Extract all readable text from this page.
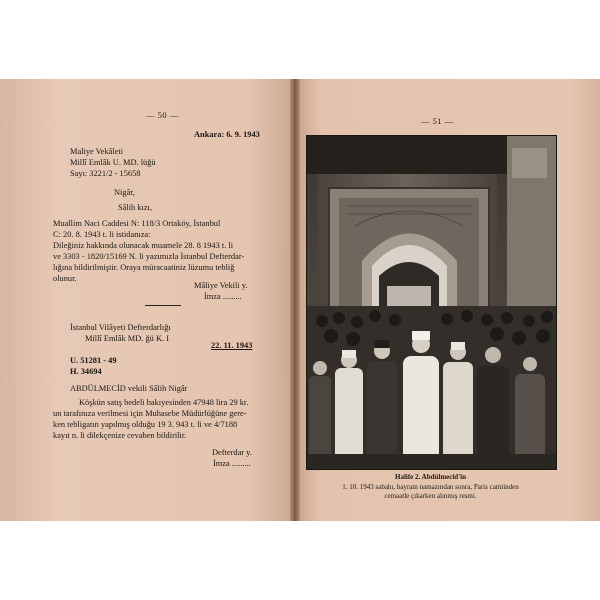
— 50 —
Ankara: 6. 9. 1943
Maliye Vekâleti
Millî Emlâk U. MD. lüğü
Sayı: 3221/2 - 15658
Nigâr,
Sâlih kızı,
Muallim Naci Caddesi N: 118/3 Ortaköy, İstanbul
C: 20. 8. 1943 t. li istidanıza:
Dileğiniz hakkında olunacak muamele 28. 8 1943 t. li
ve 3303 - 1820/15169 N. li yazımızla İstanbul Defterdar-
lığına bildirilmiştir. Oraya müracaatiniz lüzumu tebliğ
olunur.
Mâliye Vekili y.
İmza .........
İstanbul Vilâyeti Defterdarlığı
Millî Emlâk MD. ğü K. I
22. 11. 1943
U. 51281 - 49
H. 34694
ABDÜLMECİD vekili Sâlih Nigâr
Köşkün satış bedeli bakıyesinden 47948 lira 29 kr.
un tarafınıza verilmesi için Muhasebe Müdürlüğüne gere-
ken tebligatın yapılmış olduğu 19 3. 943 t. li ve 4/7188
kayıt n. li dilekçenize cevaben bildirilir.
Defterdar y.
İmza .........
— 51 —
Halife 2. Abdülmecid'in
1. 10. 1943 sabahı, bayram namazından sonra, Paris camiinden
cemaatle çıkarken alınmış resmi.
